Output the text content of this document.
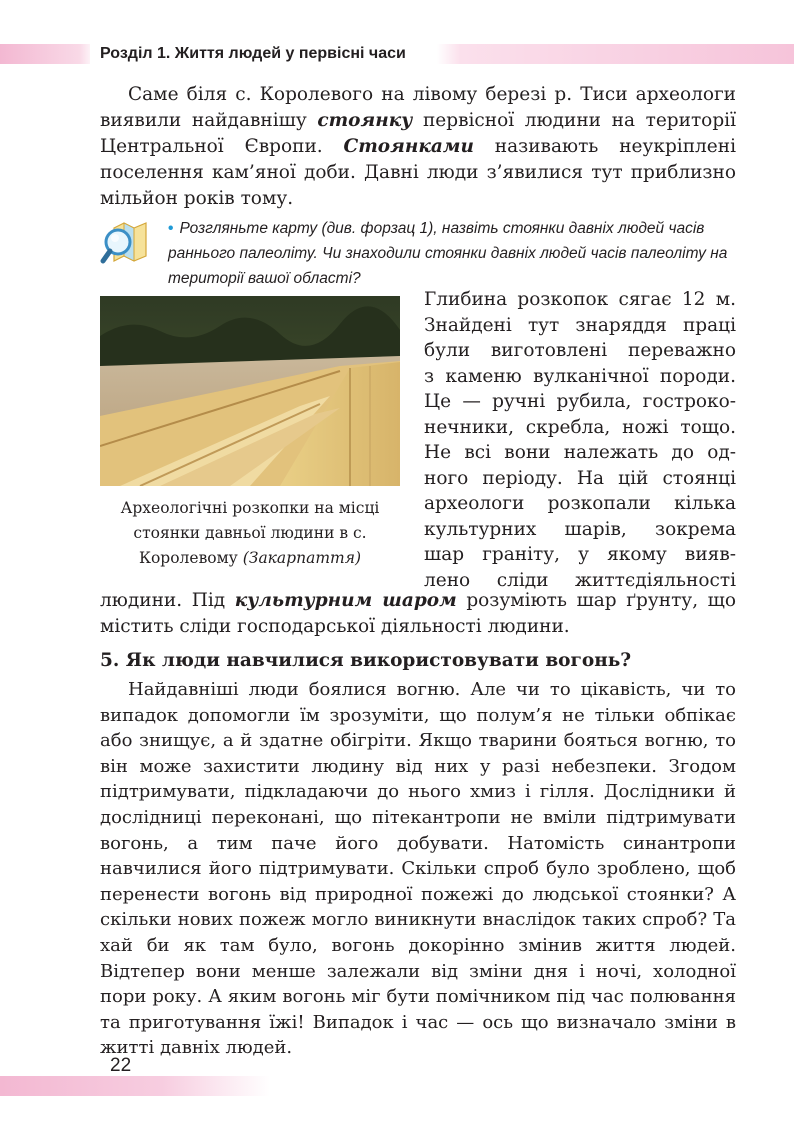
Розділ 1. Життя людей у первісні часи

Саме біля с. Королевого на лівому березі р. Тиси археологи виявили найдавнішу стоянку первісної людини на території Центральної Європи. Стоянками називають неукріплені поселення кам’яної доби. Давні люди з’явилися тут приблизно мільйон років тому.

• Розгляньте карту (див. форзац 1), назвіть стоянки давніх людей часів раннього палеоліту. Чи знаходили стоянки давніх людей часів палеоліту на території вашої області?

Археологічні розкопки на місці стоянки давньої людини в с. Королевому (Закарпаття)

Глибина розкопок сягає 12 м.
Знайдені тут знаряддя праці
були виготовлені переважно
з каменю вулканічної породи.
Це — ручні рубила, гостроко-
нечники, скребла, ножі тощо.
Не всі вони належать до од-
ного періоду. На цій стоянці
археологи розкопали кілька
культурних шарів, зокрема
шар граніту, у якому вияв-
лено сліди життєдіяльності

людини. Під культурним шаром розуміють шар ґрунту, що містить сліди господарської діяльності людини.

5. Як люди навчилися використовувати вогонь?

Найдавніші люди боялися вогню. Але чи то цікавість, чи то випадок допомогли їм зрозуміти, що полум’я не тільки обпікає або знищує, а й здатне обігріти. Якщо тварини бояться вогню, то він може захистити людину від них у разі небезпеки. Згодом підтримувати, підкладаючи до нього хмиз і гілля. Дослідники й дослідниці переконані, що пітекантропи не вміли підтримувати вогонь, а тим паче його добувати. Натомість синантропи навчилися його підтримувати. Скільки спроб було зроблено, щоб перенести вогонь від природної пожежі до людської стоянки? А скільки нових пожеж могло виникнути внаслідок таких спроб? Та хай би як там було, вогонь докорінно змінив життя людей. Відтепер вони менше залежали від зміни дня і ночі, холодної пори року. А яким вогонь міг бути помічником під час полювання та приготування їжі! Випадок і час — ось що визначало зміни в житті давніх людей.

22
